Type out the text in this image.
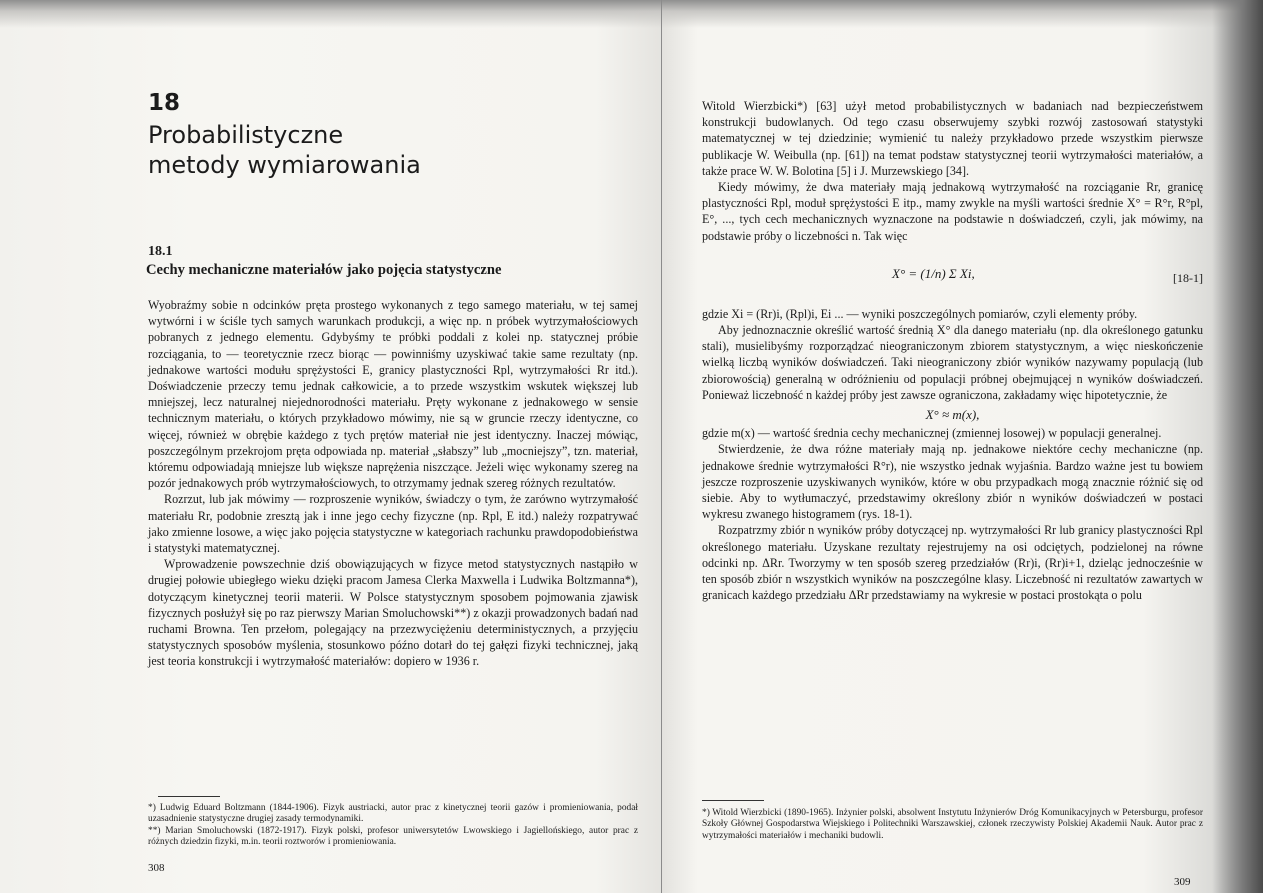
18
Probabilistyczne
metody wymiarowania
18.1
Cechy mechaniczne materiałów jako pojęcia statystyczne

Wyobraźmy sobie n odcinków pręta prostego wykonanych z tego samego materiału, w tej samej wytwórni i w ściśle tych samych warunkach produkcji, a więc np. n próbek wytrzymałościowych pobranych z jednego elementu. Gdybyśmy te próbki poddali z kolei np. statycznej próbie rozciągania, to — teoretycznie rzecz biorąc — powinniśmy uzyskiwać takie same rezultaty (np. jednakowe wartości modułu sprężystości E, granicy plastyczności Rpl, wytrzymałości Rr itd.). Doświadczenie przeczy temu jednak całkowicie, a to przede wszystkim wskutek większej lub mniejszej, lecz naturalnej niejednorodności materiału. Pręty wykonane z jednakowego w sensie technicznym materiału, o których przykładowo mówimy, nie są w gruncie rzeczy identyczne, co więcej, również w obrębie każdego z tych prętów materiał nie jest identyczny. Inaczej mówiąc, poszczególnym przekrojom pręta odpowiada np. materiał „słabszy” lub „mocniejszy”, tzn. materiał, któremu odpowiadają mniejsze lub większe naprężenia niszczące. Jeżeli więc wykonamy szereg na pozór jednakowych prób wytrzymałościowych, to otrzymamy jednak szereg różnych rezultatów.

Rozrzut, lub jak mówimy — rozproszenie wyników, świadczy o tym, że zarówno wytrzymałość materiału Rr, podobnie zresztą jak i inne jego cechy fizyczne (np. Rpl, E itd.) należy rozpatrywać jako zmienne losowe, a więc jako pojęcia statystyczne w kategoriach rachunku prawdopodobieństwa i statystyki matematycznej.

Wprowadzenie powszechnie dziś obowiązujących w fizyce metod statystycznych nastąpiło w drugiej połowie ubiegłego wieku dzięki pracom Jamesa Clerka Maxwella i Ludwika Boltzmanna*), dotyczącym kinetycznej teorii materii. W Polsce statystycznym sposobem pojmowania zjawisk fizycznych posłużył się po raz pierwszy Marian Smoluchowski**) z okazji prowadzonych badań nad ruchami Browna. Ten przełom, polegający na przezwyciężeniu deterministycznych, a przyjęciu statystycznych sposobów myślenia, stosunkowo późno dotarł do tej gałęzi fizyki technicznej, jaką jest teoria konstrukcji i wytrzymałość materiałów: dopiero w 1936 r.

*) Ludwig Eduard Boltzmann (1844-1906). Fizyk austriacki, autor prac z kinetycznej teorii gazów i promieniowania, podał uzasadnienie statystyczne drugiej zasady termodynamiki.
**) Marian Smoluchowski (1872-1917). Fizyk polski, profesor uniwersytetów Lwowskiego i Jagiellońskiego, autor prac z różnych dziedzin fizyki, m.in. teorii roztworów i promieniowania.
308

Witold Wierzbicki*) [63] użył metod probabilistycznych w badaniach nad bezpieczeństwem konstrukcji budowlanych. Od tego czasu obserwujemy szybki rozwój zastosowań statystyki matematycznej w tej dziedzinie; wymienić tu należy przykładowo przede wszystkim pierwsze publikacje W. Weibulla (np. [61]) na temat podstaw statystycznej teorii wytrzymałości materiałów, a także prace W. W. Bolotina [5] i J. Murzewskiego [34].

Kiedy mówimy, że dwa materiały mają jednakową wytrzymałość na rozciąganie Rr, granicę plastyczności Rpl, moduł sprężystości E itp., mamy zwykle na myśli wartości średnie X° = R°r, R°pl, E°, ..., tych cech mechanicznych wyznaczone na podstawie n doświadczeń, czyli, jak mówimy, na podstawie próby o liczebności n. Tak więc

X° = (1/n) Σ Xi,	[18-1]

gdzie Xi = (Rr)i, (Rpl)i, Ei ... — wyniki poszczególnych pomiarów, czyli elementy próby.

Aby jednoznacznie określić wartość średnią X° dla danego materiału (np. dla określonego gatunku stali), musielibyśmy rozporządzać nieograniczonym zbiorem statystycznym, a więc nieskończenie wielką liczbą wyników doświadczeń. Taki nieograniczony zbiór wyników nazywamy populacją (lub zbiorowością) generalną w odróżnieniu od populacji próbnej obejmującej n wyników doświadczeń. Ponieważ liczebność n każdej próby jest zawsze ograniczona, zakładamy więc hipotetycznie, że

X° ≈ m(x),

gdzie m(x) — wartość średnia cechy mechanicznej (zmiennej losowej) w populacji generalnej.

Stwierdzenie, że dwa różne materiały mają np. jednakowe niektóre cechy mechaniczne (np. jednakowe średnie wytrzymałości R°r), nie wszystko jednak wyjaśnia. Bardzo ważne jest tu bowiem jeszcze rozproszenie uzyskiwanych wyników, które w obu przypadkach mogą znacznie różnić się od siebie. Aby to wytłumaczyć, przedstawimy określony zbiór n wyników doświadczeń w postaci wykresu zwanego histogramem (rys. 18-1).

Rozpatrzmy zbiór n wyników próby dotyczącej np. wytrzymałości Rr lub granicy plastyczności Rpl określonego materiału. Uzyskane rezultaty rejestrujemy na osi odciętych, podzielonej na równe odcinki np. ΔRr. Tworzymy w ten sposób szereg przedziałów (Rr)i, (Rr)i+1, dzieląc jednocześnie w ten sposób zbiór n wszystkich wyników na poszczególne klasy. Liczebność ni rezultatów zawartych w granicach każdego przedziału ΔRr przedstawiamy na wykresie w postaci prostokąta o polu

*) Witold Wierzbicki (1890-1965). Inżynier polski, absolwent Instytutu Inżynierów Dróg Komunikacyjnych w Petersburgu, profesor Szkoły Głównej Gospodarstwa Wiejskiego i Politechniki Warszawskiej, członek rzeczywisty Polskiej Akademii Nauk. Autor prac z wytrzymałości materiałów i mechaniki budowli.
309
